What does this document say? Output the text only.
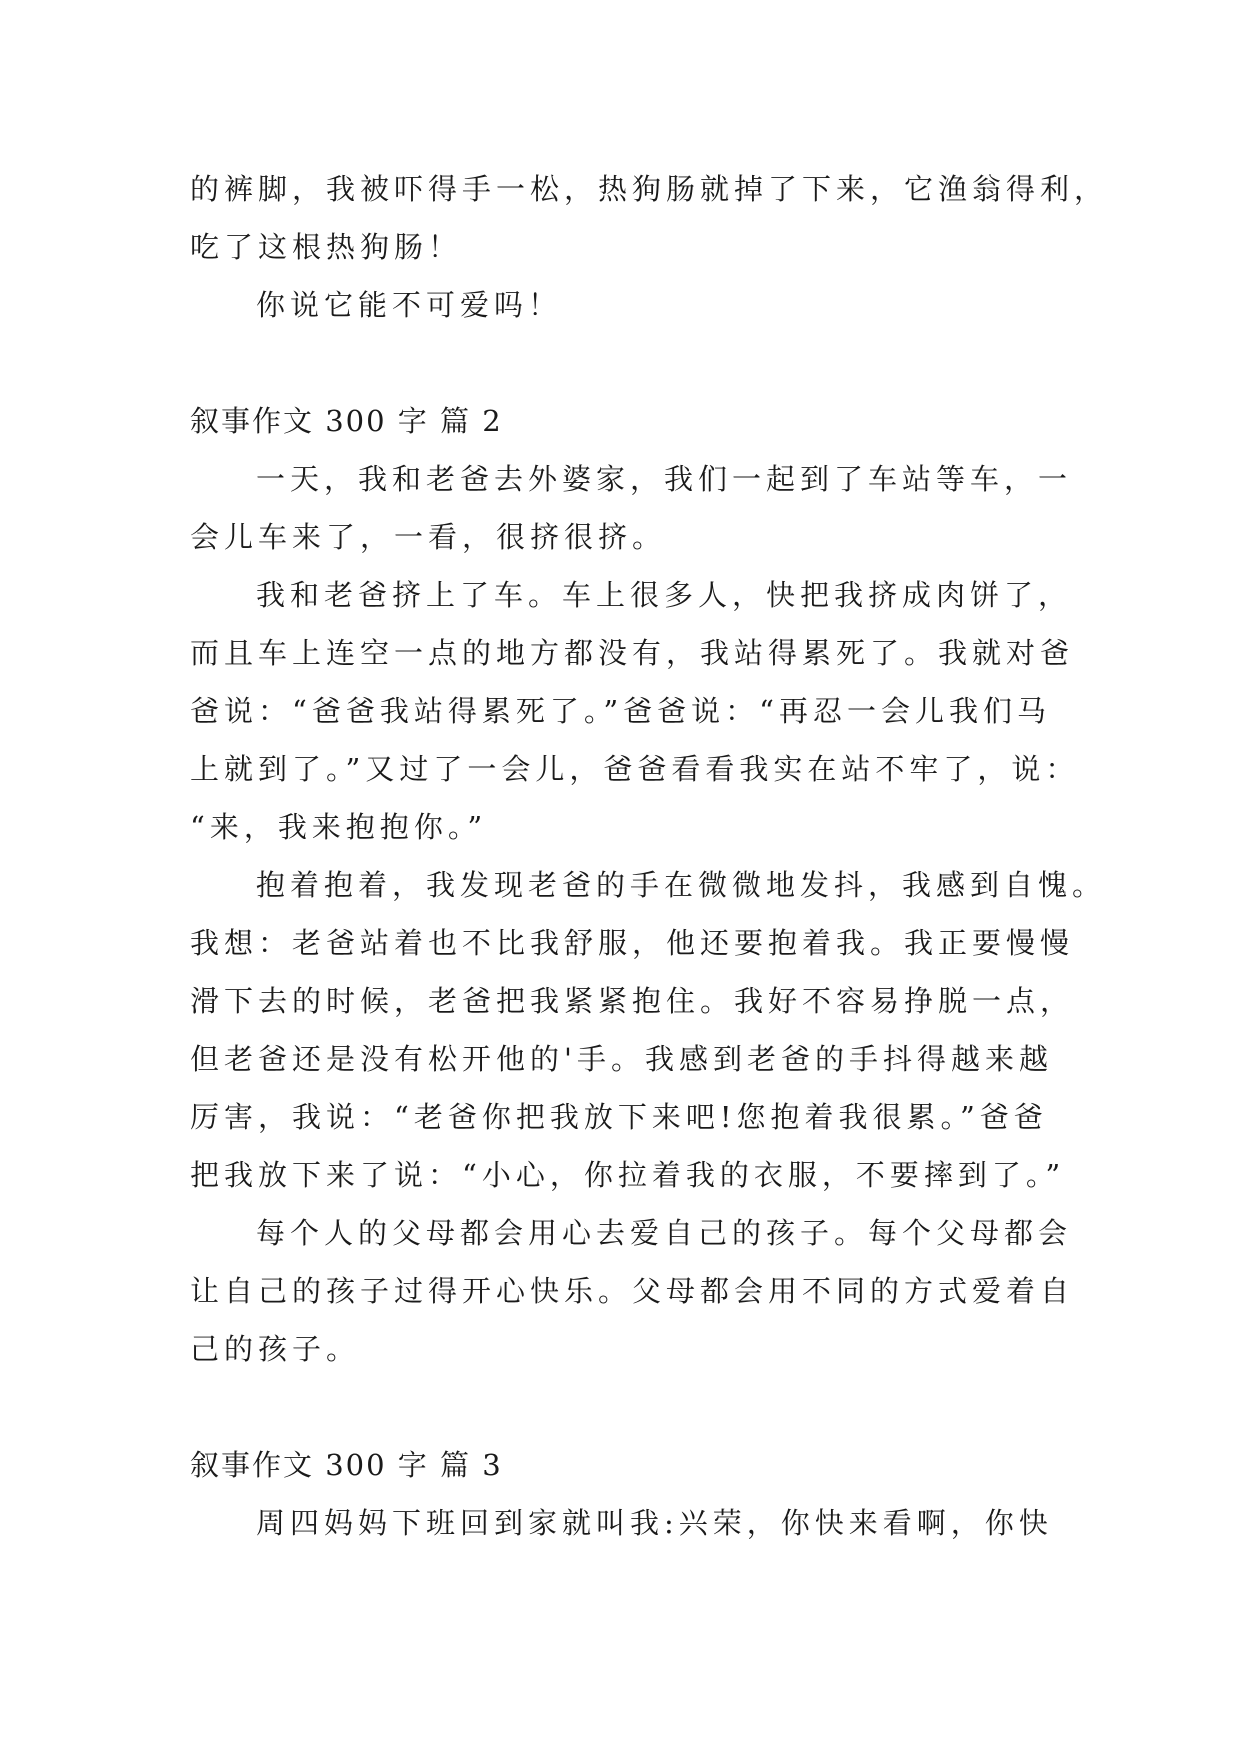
的裤脚，我被吓得手一松，热狗肠就掉了下来，它渔翁得利，
吃了这根热狗肠！
你说它能不可爱吗！
叙事作文 300 字 篇 2
一天，我和老爸去外婆家，我们一起到了车站等车，一
会儿车来了，一看，很挤很挤。
我和老爸挤上了车。车上很多人，快把我挤成肉饼了，
而且车上连空一点的地方都没有，我站得累死了。我就对爸
爸说：“爸爸我站得累死了。”爸爸说：“再忍一会儿我们马
上就到了。”又过了一会儿，爸爸看看我实在站不牢了，说：
“来，我来抱抱你。”
抱着抱着，我发现老爸的手在微微地发抖，我感到自愧。
我想：老爸站着也不比我舒服，他还要抱着我。我正要慢慢
滑下去的时候，老爸把我紧紧抱住。我好不容易挣脱一点，
但老爸还是没有松开他的'手。我感到老爸的手抖得越来越
厉害，我说：“老爸你把我放下来吧!您抱着我很累。”爸爸
把我放下来了说：“小心，你拉着我的衣服，不要摔到了。”
每个人的父母都会用心去爱自己的孩子。每个父母都会
让自己的孩子过得开心快乐。父母都会用不同的方式爱着自
己的孩子。
叙事作文 300 字 篇 3
周四妈妈下班回到家就叫我:兴荣，你快来看啊，你快
